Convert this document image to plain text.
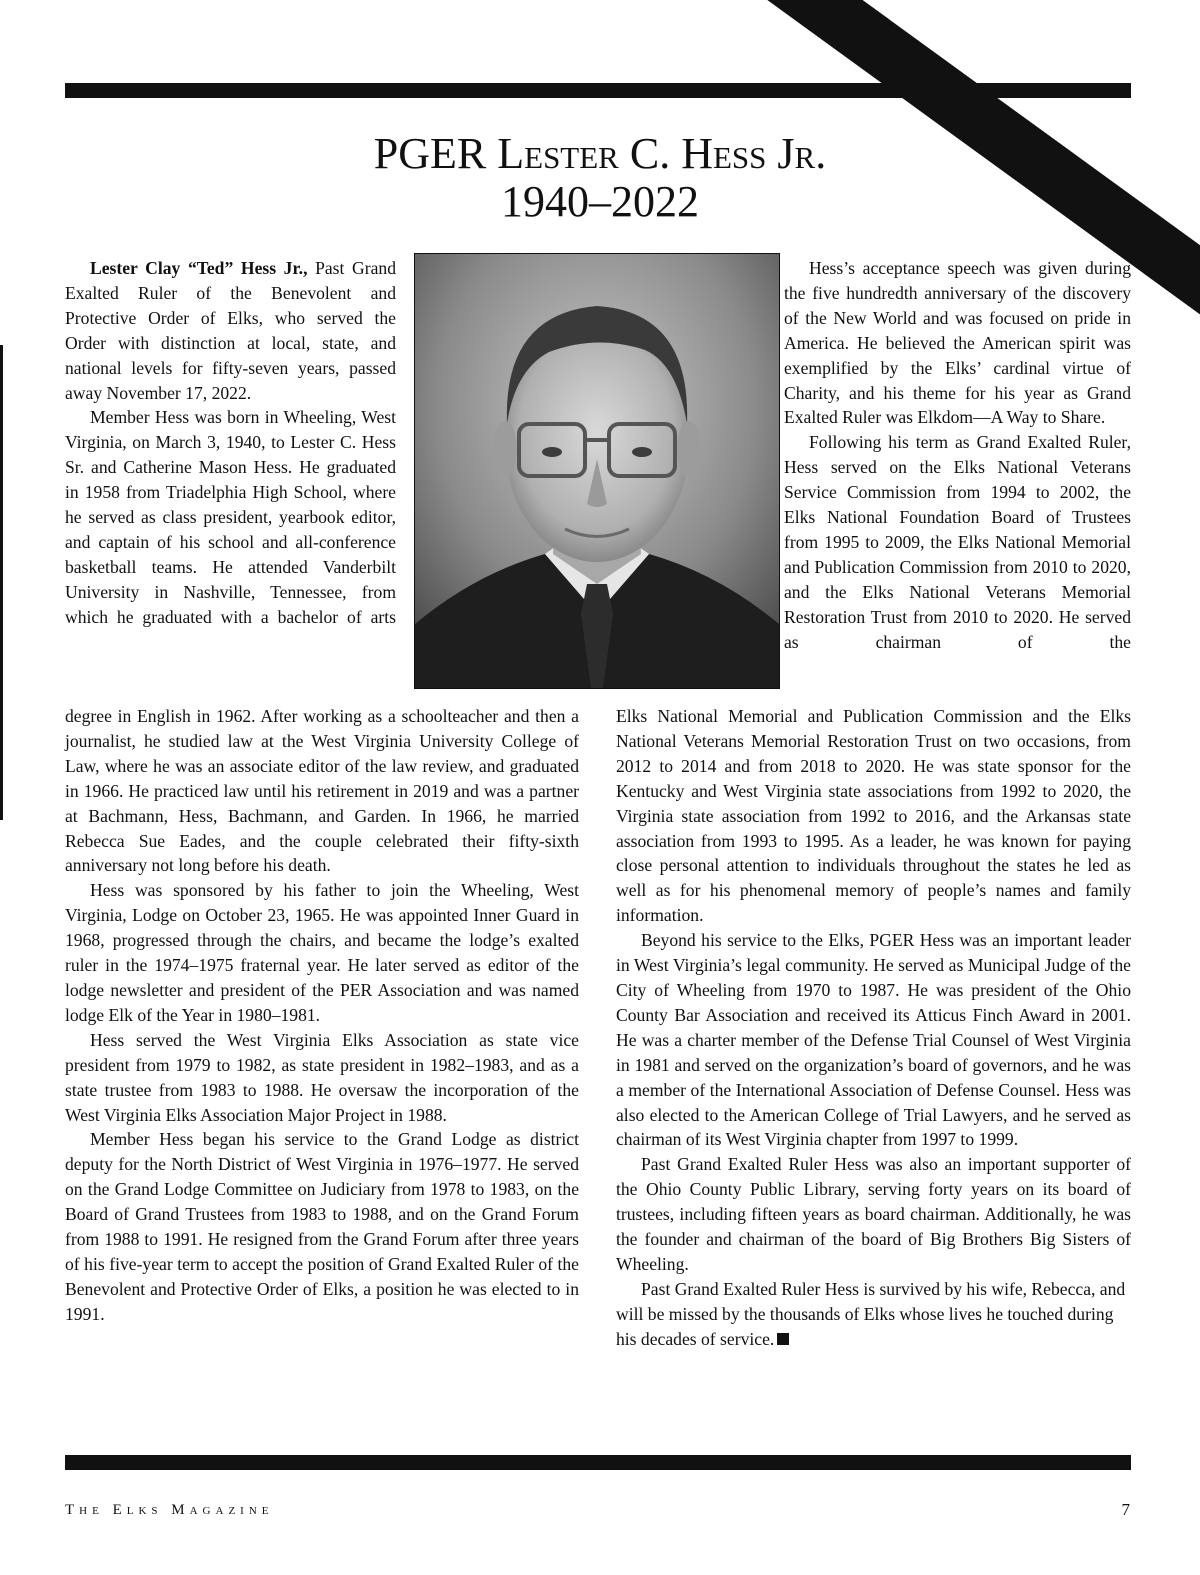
PGER Lester C. Hess Jr.
1940–2022

Lester Clay “Ted” Hess Jr., Past Grand Exalted Ruler of the Benevolent and Protective Order of Elks, who served the Order with distinction at local, state, and national levels for fifty-seven years, passed away November 17, 2022.

Member Hess was born in Wheeling, West Virginia, on March 3, 1940, to Lester C. Hess Sr. and Catherine Mason Hess. He graduated in 1958 from Triadelphia High School, where he served as class president, yearbook editor, and captain of his school and all-conference basketball teams. He attended Vanderbilt University in Nashville, Tennessee, from which he graduated with a bachelor of arts

Hess’s acceptance speech was given during the five hundredth anniversary of the discovery of the New World and was focused on pride in America. He believed the American spirit was exemplified by the Elks’ cardinal virtue of Charity, and his theme for his year as Grand Exalted Ruler was Elkdom—A Way to Share.

Following his term as Grand Exalted Ruler, Hess served on the Elks National Veterans Service Commission from 1994 to 2002, the Elks National Foundation Board of Trustees from 1995 to 2009, the Elks National Memorial and Publication Commission from 2010 to 2020, and the Elks National Veterans Memorial Restoration Trust from 2010 to 2020. He served as chairman of the

degree in English in 1962. After working as a schoolteacher and then a journalist, he studied law at the West Virginia University College of Law, where he was an associate editor of the law review, and graduated in 1966. He practiced law until his retirement in 2019 and was a partner at Bachmann, Hess, Bachmann, and Garden. In 1966, he married Rebecca Sue Eades, and the couple celebrated their fifty-sixth anniversary not long before his death.

Hess was sponsored by his father to join the Wheeling, West Virginia, Lodge on October 23, 1965. He was appointed Inner Guard in 1968, progressed through the chairs, and became the lodge’s exalted ruler in the 1974–1975 fraternal year. He later served as editor of the lodge newsletter and president of the PER Association and was named lodge Elk of the Year in 1980–1981.

Hess served the West Virginia Elks Association as state vice president from 1979 to 1982, as state president in 1982–1983, and as a state trustee from 1983 to 1988. He oversaw the incorporation of the West Virginia Elks Association Major Project in 1988.

Member Hess began his service to the Grand Lodge as district deputy for the North District of West Virginia in 1976–1977. He served on the Grand Lodge Committee on Judiciary from 1978 to 1983, on the Board of Grand Trustees from 1983 to 1988, and on the Grand Forum from 1988 to 1991. He resigned from the Grand Forum after three years of his five-year term to accept the position of Grand Exalted Ruler of the Benevolent and Protective Order of Elks, a position he was elected to in 1991.

Elks National Memorial and Publication Commission and the Elks National Veterans Memorial Restoration Trust on two occasions, from 2012 to 2014 and from 2018 to 2020. He was state sponsor for the Kentucky and West Virginia state associations from 1992 to 2020, the Virginia state association from 1992 to 2016, and the Arkansas state association from 1993 to 1995. As a leader, he was known for paying close personal attention to individuals throughout the states he led as well as for his phenomenal memory of people’s names and family information.

Beyond his service to the Elks, PGER Hess was an important leader in West Virginia’s legal community. He served as Municipal Judge of the City of Wheeling from 1970 to 1987. He was president of the Ohio County Bar Association and received its Atticus Finch Award in 2001. He was a charter member of the Defense Trial Counsel of West Virginia in 1981 and served on the organization’s board of governors, and he was a member of the International Association of Defense Counsel. Hess was also elected to the American College of Trial Lawyers, and he served as chairman of its West Virginia chapter from 1997 to 1999.

Past Grand Exalted Ruler Hess was also an important supporter of the Ohio County Public Library, serving forty years on its board of trustees, including fifteen years as board chairman. Additionally, he was the founder and chairman of the board of Big Brothers Big Sisters of Wheeling.

Past Grand Exalted Ruler Hess is survived by his wife, Rebecca, and will be missed by the thousands of Elks whose lives he touched during his decades of service.

The Elks Magazine	7
